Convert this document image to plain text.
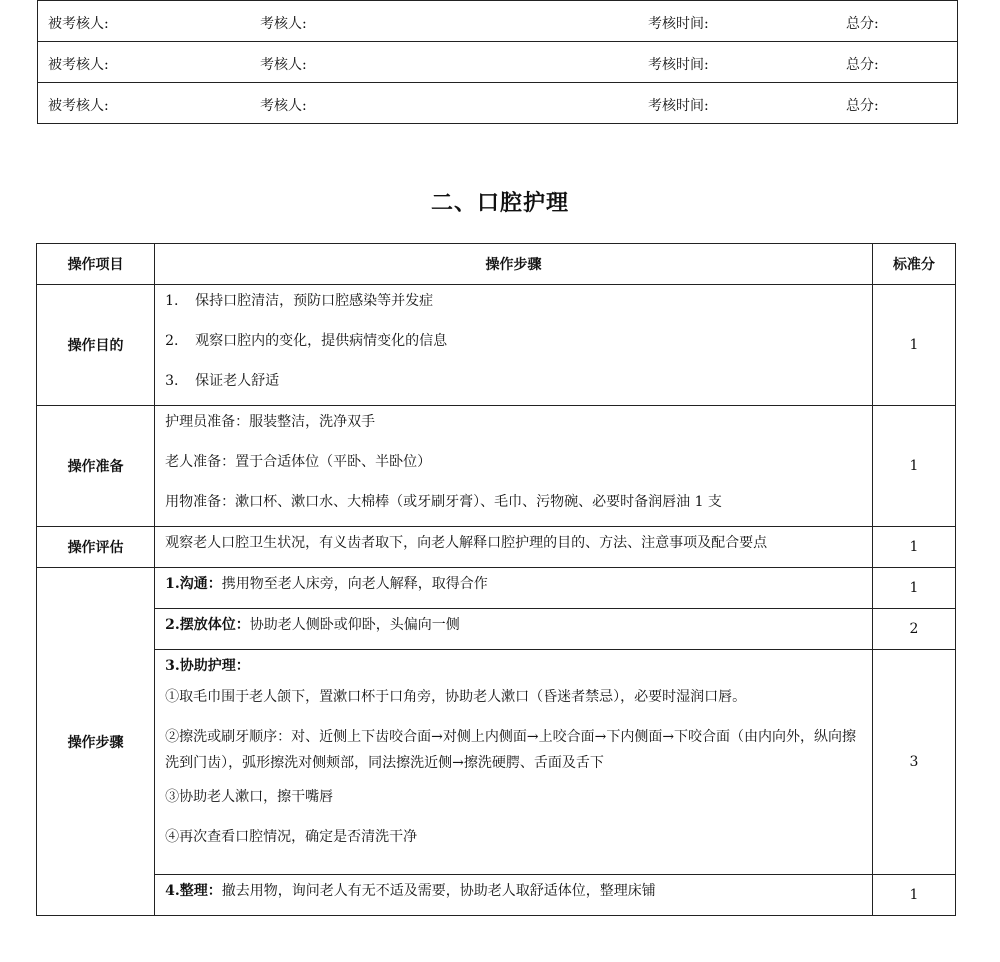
被考核人:	考核人:	考核时间:	总分:

被考核人:	考核人:	考核时间:	总分:

被考核人:	考核人:	考核时间:	总分:
二、口腔护理
操作项目	操作步骤	标准分
操作目的	1. 保持口腔清洁，预防口腔感染等并发症
2. 观察口腔内的变化，提供病情变化的信息
3. 保证老人舒适	1
操作准备	护理员准备：服装整洁，洗净双手
老人准备：置于合适体位（平卧、半卧位）
用物准备：漱口杯、漱口水、大棉棒（或牙刷牙膏）、毛巾、污物碗、必要时备润唇油 1 支	1
操作评估	观察老人口腔卫生状况，有义齿者取下，向老人解释口腔护理的目的、方法、注意事项及配合要点	1
操作步骤	1.沟通：携用物至老人床旁，向老人解释，取得合作	1
	2.摆放体位：协助老人侧卧或仰卧，头偏向一侧	2

	3.协助护理：
①取毛巾围于老人颌下，置漱口杯于口角旁，协助老人漱口（昏迷者禁忌），必要时湿润口唇。
②擦洗或刷牙顺序：对、近侧上下齿咬合面→对侧上内侧面→上咬合面→下内侧面→下咬合面（由内向外，纵向擦洗到门齿），弧形擦洗对侧颊部，同法擦洗近侧→擦洗硬腭、舌面及舌下
③协助老人漱口，擦干嘴唇
④再次查看口腔情况，确定是否清洗干净	3
	4.整理：撤去用物，询问老人有无不适及需要，协助老人取舒适体位，整理床铺	1
